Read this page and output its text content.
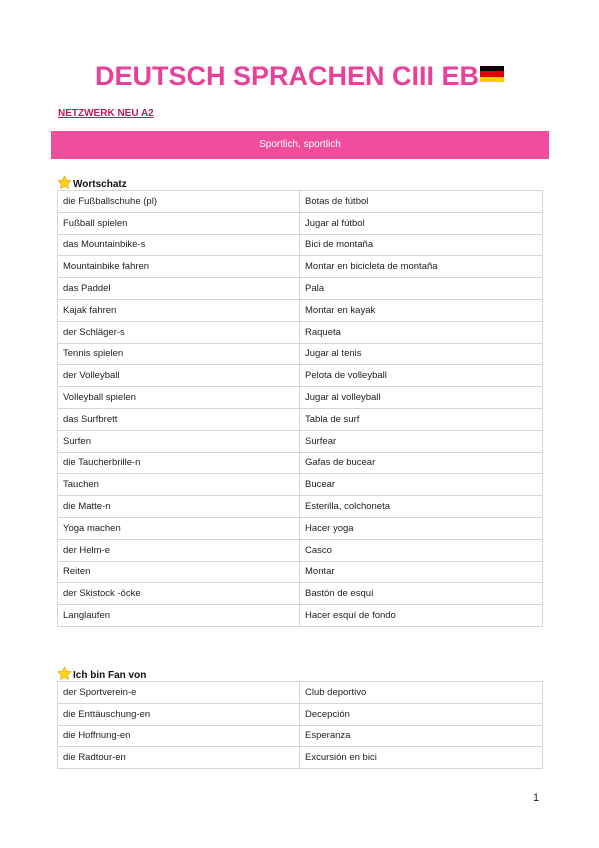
DEUTSCH SPRACHEN CIII EB
NETZWERK NEU A2
Sportlich, sportlich
Wortschatz
die Fußballschuhe (pl)	Botas de fútbol
Fußball spielen	Jugar al fútbol
das Mountainbike-s	Bici de montaña
Mountainbike fahren	Montar en bicicleta de montaña
das Paddel	Pala
Kajak fahren	Montar en kayak
der Schläger-s	Raqueta
Tennis spielen	Jugar al tenis
der Volleyball	Pelota de volleyball
Volleyball spielen	Jugar al volleyball
das Surfbrett	Tabla de surf
Surfen	Surfear
die Taucherbrille-n	Gafas de bucear
Tauchen	Bucear
die Matte-n	Esterilla, colchoneta
Yoga machen	Hacer yoga
der Helm-e	Casco
Reiten	Montar
der Skistock -öcke	Bastón de esquí
Langlaufen	Hacer esquí de fondo
Ich bin Fan von
der Sportverein-e	Club deportivo
die Enttäuschung-en	Decepción
die Hoffnung-en	Esperanza
die Radtour-en	Excursión en bici
1
